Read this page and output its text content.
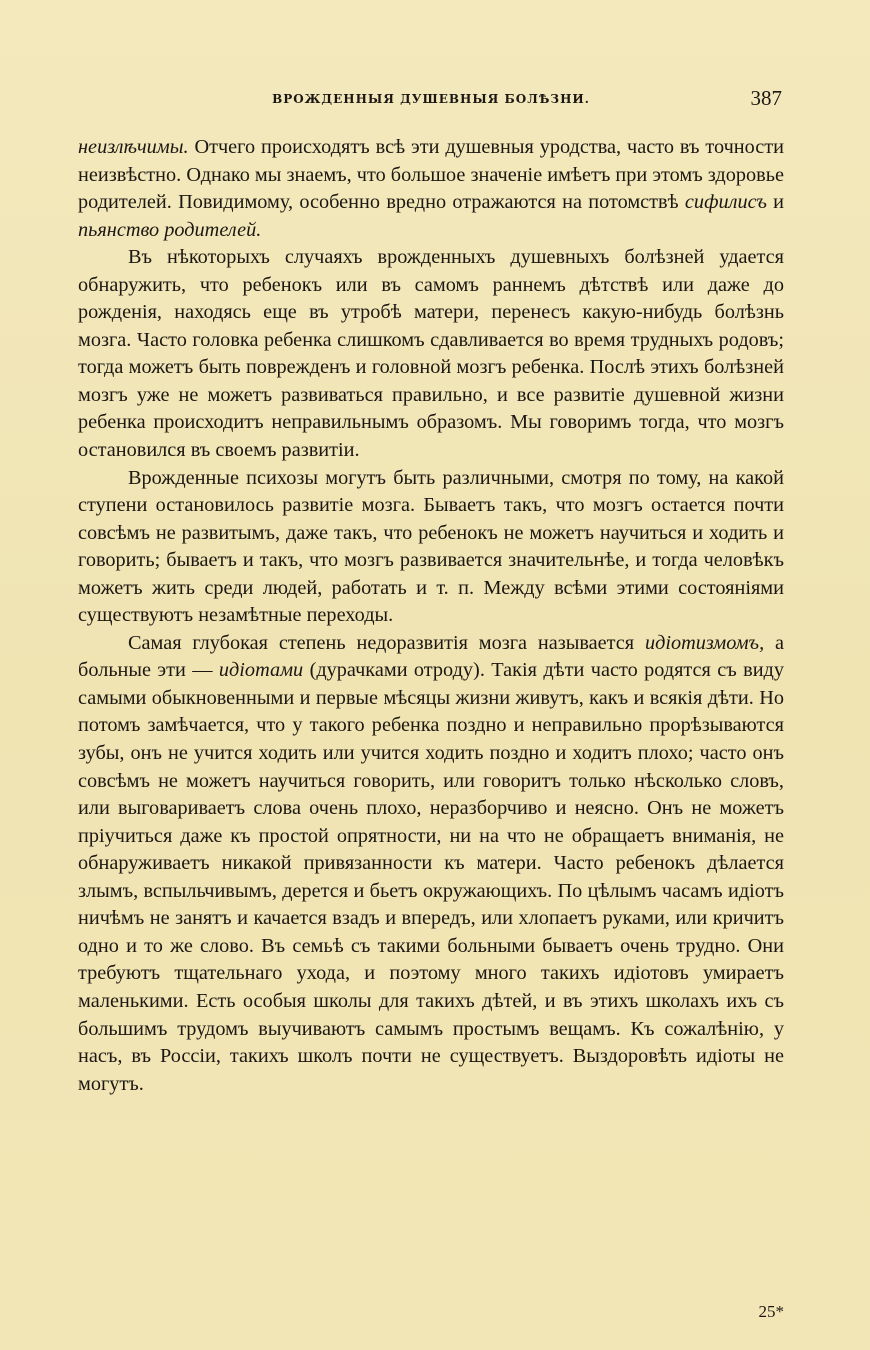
ВРОЖДЕННЫЯ ДУШЕВНЫЯ БОЛѢЗНИ.	387

неизлѣчимы. Отчего происходятъ всѣ эти душевныя уродства, часто въ точности неизвѣстно. Однако мы знаемъ, что большое значенiе имѣетъ при этомъ здоровье родителей. Повидимому, особенно вредно отражаются на потомствѣ сифилисъ и пьянство родителей.

Въ нѣкоторыхъ случаяхъ врожденныхъ душевныхъ болѣзней удается обнаружить, что ребенокъ или въ самомъ раннемъ дѣтствѣ или даже до рожденiя, находясь еще въ утробѣ матери, перенесъ какую-нибудь болѣзнь мозга. Часто головка ребенка слишкомъ сдавливается во время трудныхъ родовъ; тогда можетъ быть поврежденъ и головной мозгъ ребенка. Послѣ этихъ болѣзней мозгъ уже не можетъ развиваться правильно, и все развитiе душевной жизни ребенка происходитъ неправильнымъ образомъ. Мы говоримъ тогда, что мозгъ остановился въ своемъ развитiи.

Врожденные психозы могутъ быть различными, смотря по тому, на какой ступени остановилось развитiе мозга. Бываетъ такъ, что мозгъ остается почти совсѣмъ не развитымъ, даже такъ, что ребенокъ не можетъ научиться и ходить и говорить; бываетъ и такъ, что мозгъ развивается значительнѣе, и тогда человѣкъ можетъ жить среди людей, работать и т. п. Между всѣми этими состоянiями существуютъ незамѣтные переходы.

Самая глубокая степень недоразвитiя мозга называется идiотизмомъ, а больные эти — идiотами (дурачками отроду). Такiя дѣти часто родятся съ виду самыми обыкновенными и первые мѣсяцы жизни живутъ, какъ и всякiя дѣти. Но потомъ замѣчается, что у такого ребенка поздно и неправильно прорѣзываются зубы, онъ не учится ходить или учится ходить поздно и ходитъ плохо; часто онъ совсѣмъ не можетъ научиться говорить, или говоритъ только нѣсколько словъ, или выговариваетъ слова очень плохо, неразборчиво и неясно. Онъ не можетъ прiучиться даже къ простой опрятности, ни на что не обращаетъ вниманiя, не обнаруживаетъ никакой привязанности къ матери. Часто ребенокъ дѣлается злымъ, вспыльчивымъ, дерется и бьетъ окружающихъ. По цѣлымъ часамъ идiотъ ничѣмъ не занятъ и качается взадъ и впередъ, или хлопаетъ руками, или кричитъ одно и то же слово. Въ семьѣ съ такими больными бываетъ очень трудно. Они требуютъ тщательнаго ухода, и поэтому много такихъ идiотовъ умираетъ маленькими. Есть особыя школы для такихъ дѣтей, и въ этихъ школахъ ихъ съ большимъ трудомъ выучиваютъ самымъ простымъ вещамъ. Къ сожалѣнiю, у насъ, въ Россiи, такихъ школъ почти не существуетъ. Выздоровѣть идiоты не могутъ.

25*
